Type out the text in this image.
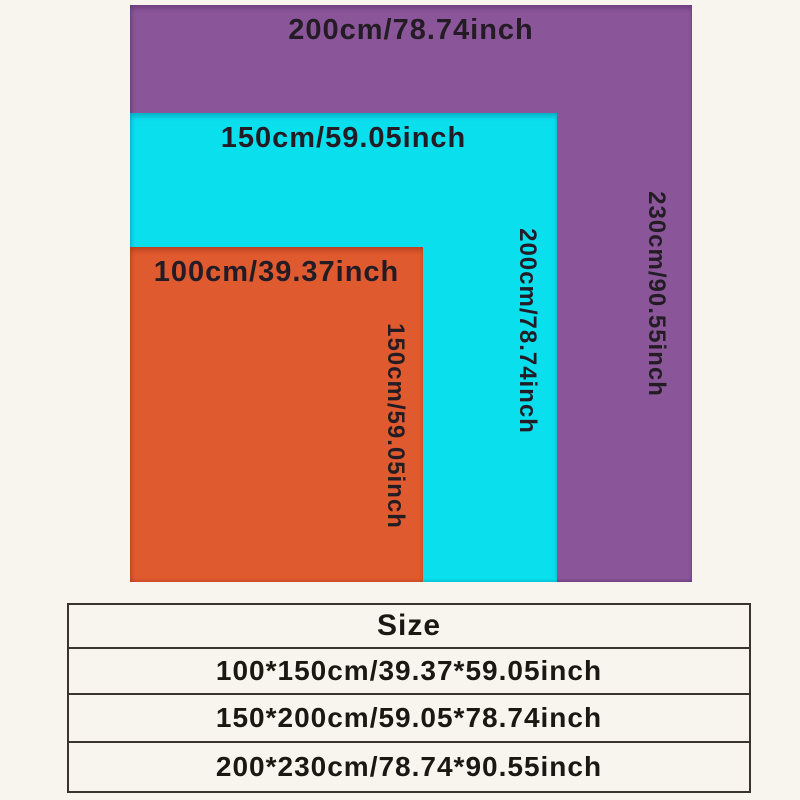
200cm/78.74inch
230cm/90.55inch
150cm/59.05inch
200cm/78.74inch
100cm/39.37inch
150cm/59.05inch
Size
100*150cm/39.37*59.05inch
150*200cm/59.05*78.74inch
200*230cm/78.74*90.55inch
